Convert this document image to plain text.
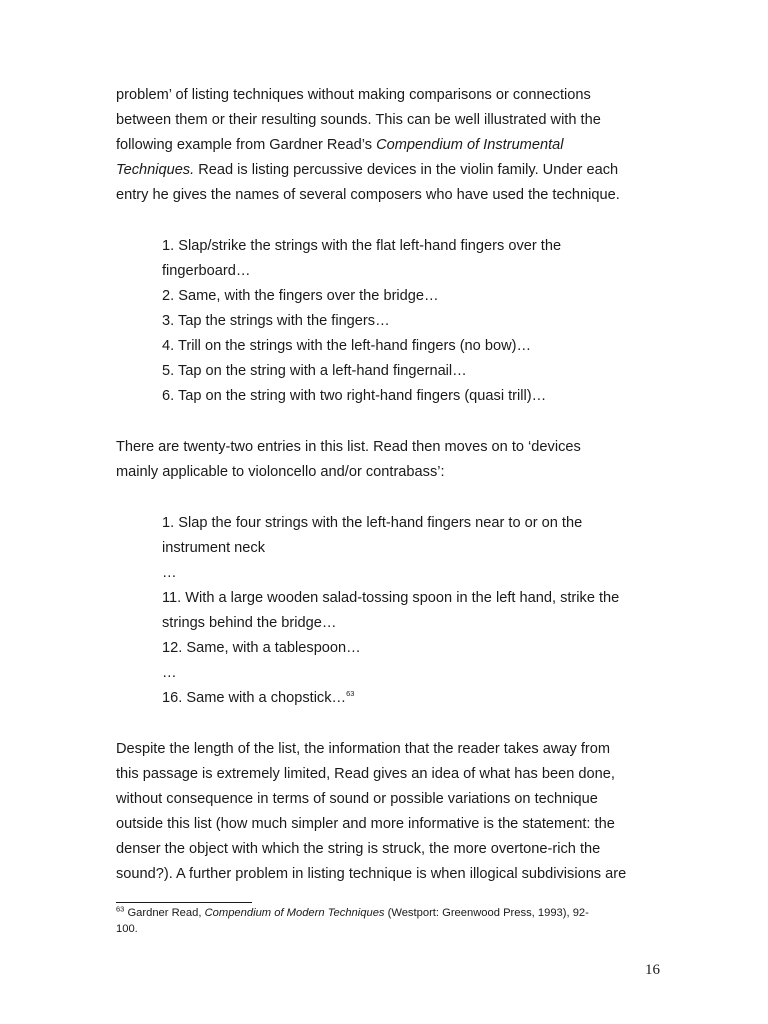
problem’ of listing techniques without making comparisons or connections
between them or their resulting sounds. This can be well illustrated with the
following example from Gardner Read’s Compendium of Instrumental
Techniques. Read is listing percussive devices in the violin family. Under each
entry he gives the names of several composers who have used the technique.
1. Slap/strike the strings with the flat left-hand fingers over the
fingerboard…
2. Same, with the fingers over the bridge…
3. Tap the strings with the fingers…
4. Trill on the strings with the left-hand fingers (no bow)…
5. Tap on the string with a left-hand fingernail…
6. Tap on the string with two right-hand fingers (quasi trill)…
There are twenty-two entries in this list. Read then moves on to ‘devices
mainly applicable to violoncello and/or contrabass’:
1. Slap the four strings with the left-hand fingers near to or on the
instrument neck
…
11. With a large wooden salad-tossing spoon in the left hand, strike the
strings behind the bridge…
12. Same, with a tablespoon…
…
16. Same with a chopstick…$^{63}$
Despite the length of the list, the information that the reader takes away from
this passage is extremely limited, Read gives an idea of what has been done,
without consequence in terms of sound or possible variations on technique
outside this list (how much simpler and more informative is the statement: the
denser the object with which the string is struck, the more overtone-rich the
sound?). A further problem in listing technique is when illogical subdivisions are
$^{63}$ Gardner Read, Compendium of Modern Techniques (Westport: Greenwood Press, 1993), 92-
100.
16
